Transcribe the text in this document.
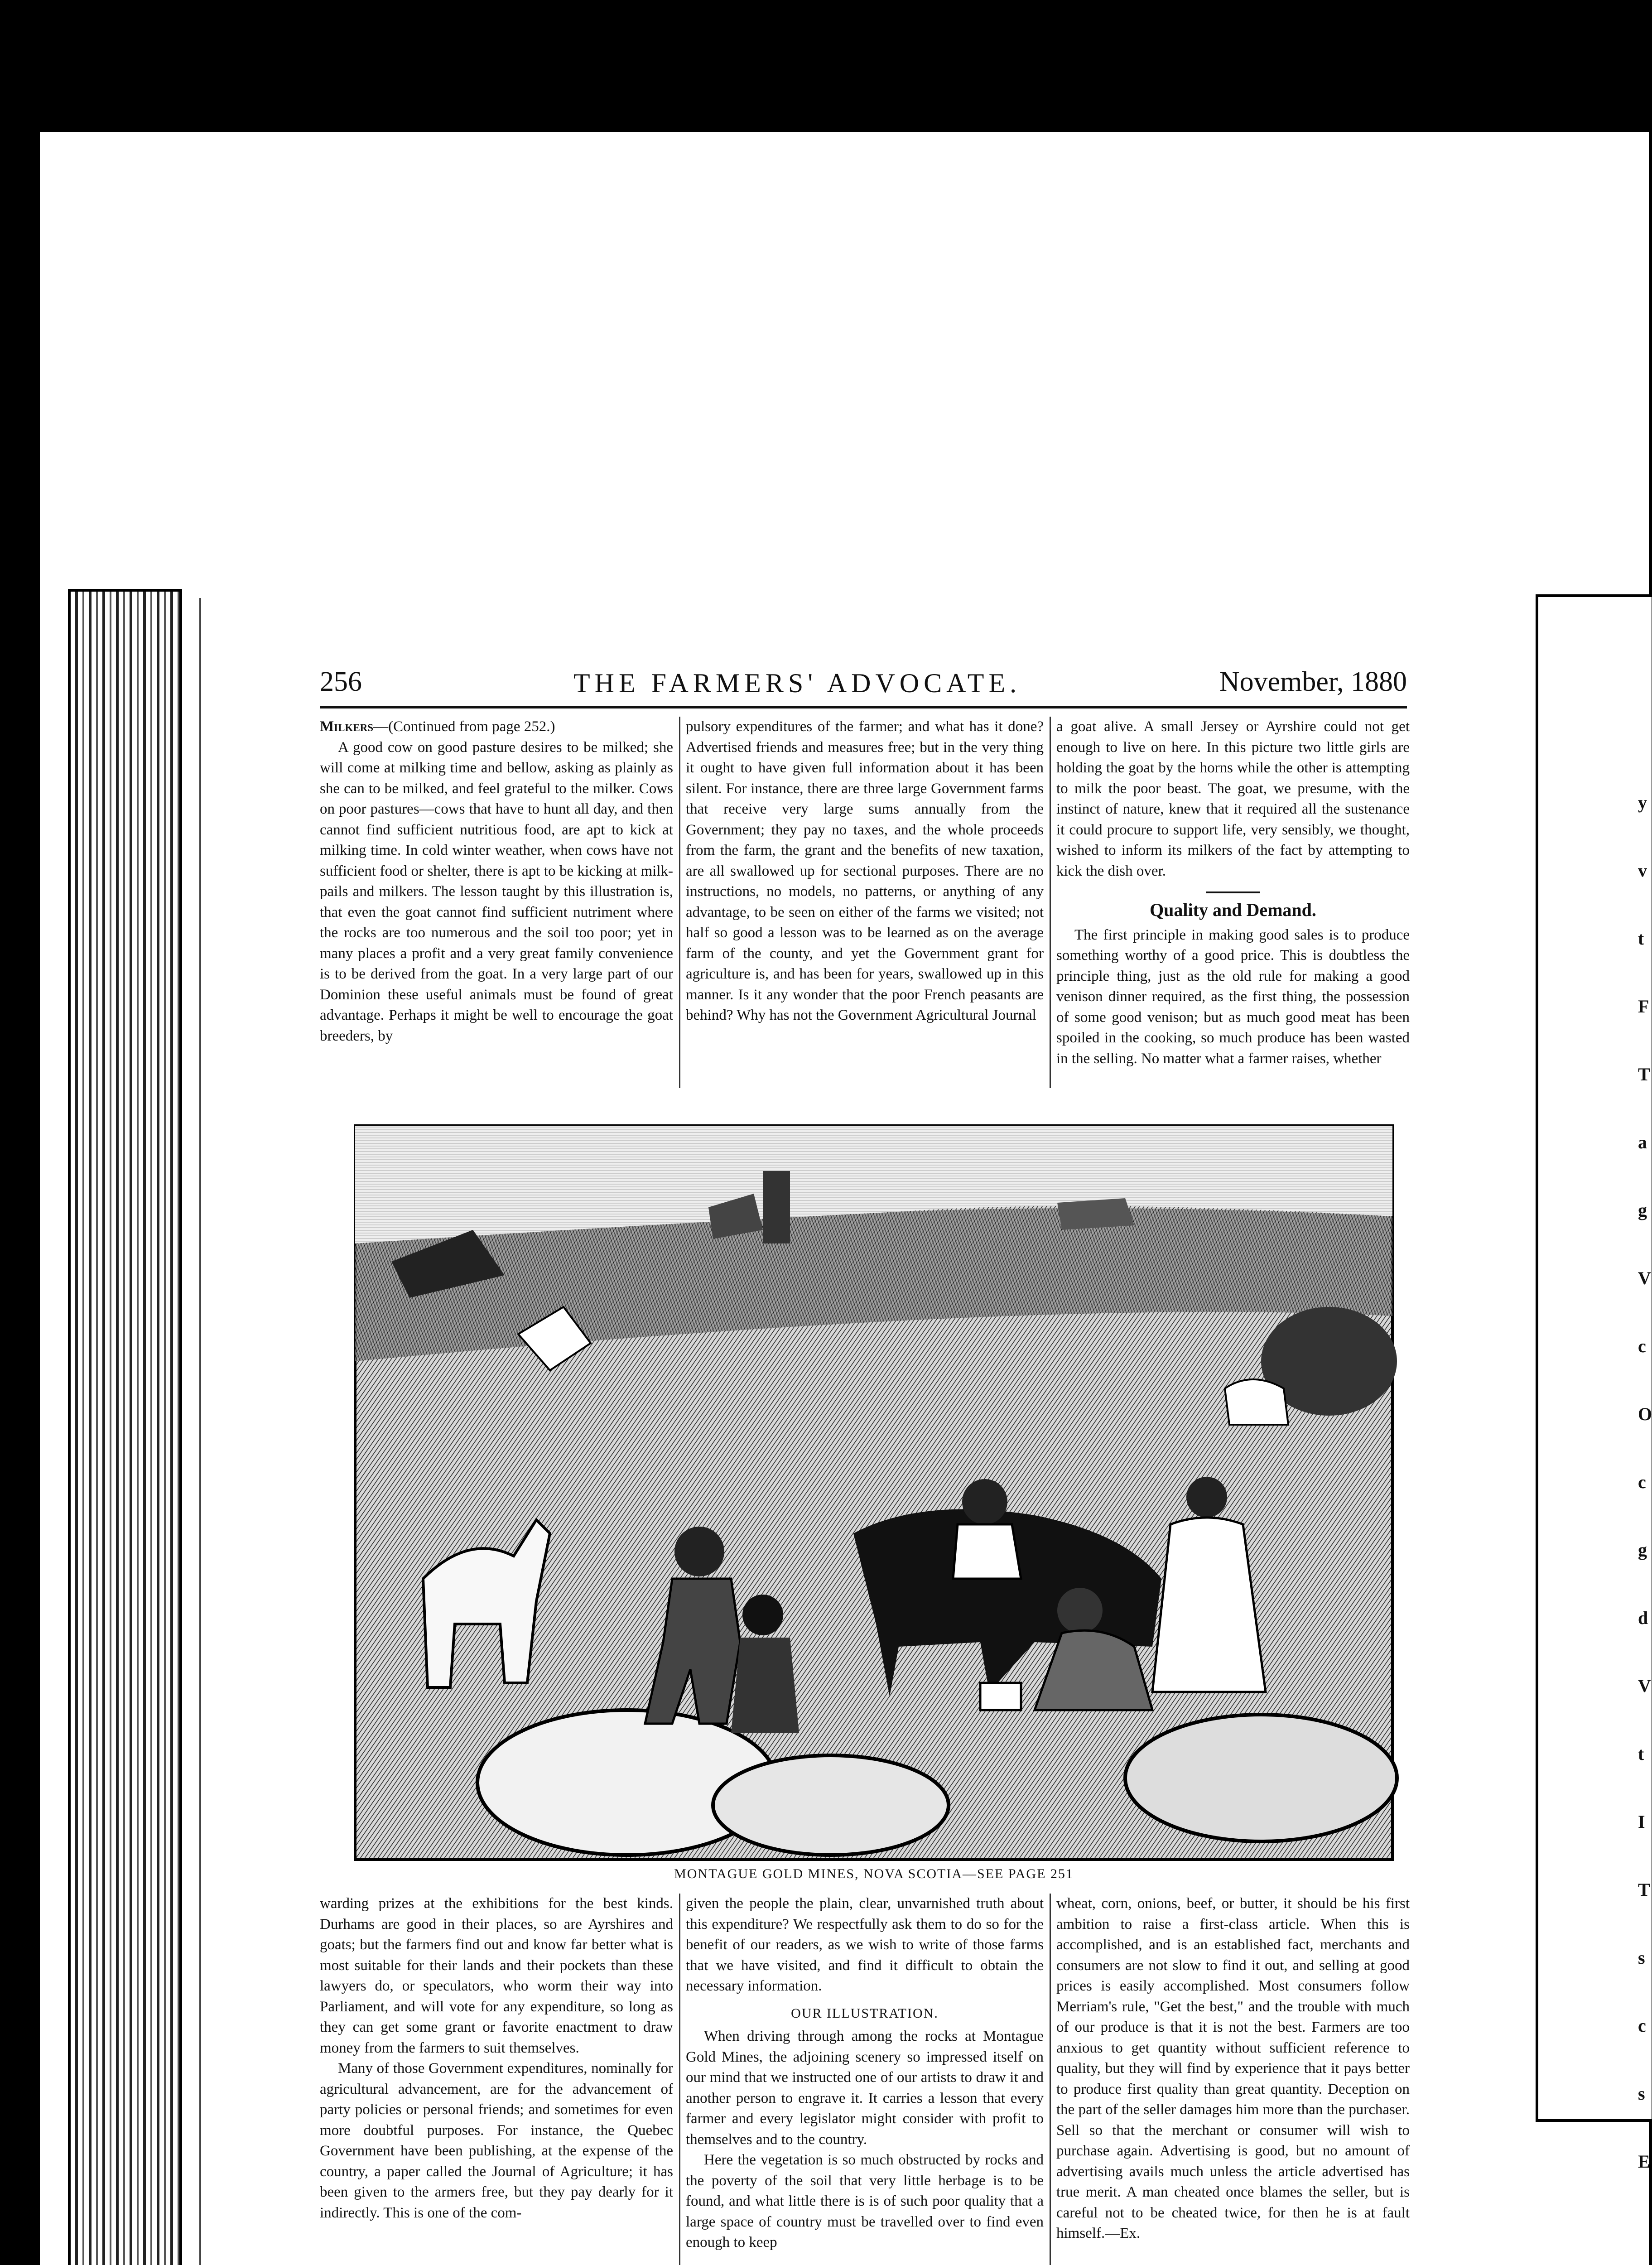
y
v
t
F
T
a
g
V
c
O
c
g
d
V
t
I
T
s
c
s
E
256	THE FARMERS' ADVOCATE.	November, 1880

Milkers—(Continued from page 252.)

A good cow on good pasture desires to be milked; she will come at milking time and bellow, asking as plainly as she can to be milked, and feel grateful to the milker. Cows on poor pastures—cows that have to hunt all day, and then cannot find sufficient nutritious food, are apt to kick at milking time. In cold winter weather, when cows have not sufficient food or shelter, there is apt to be kicking at milk-pails and milkers. The lesson taught by this illustration is, that even the goat cannot find sufficient nutriment where the rocks are too numerous and the soil too poor; yet in many places a profit and a very great family convenience is to be derived from the goat. In a very large part of our Dominion these useful animals must be found of great advantage. Perhaps it might be well to encourage the goat breeders, by

pulsory expenditures of the farmer; and what has it done? Advertised friends and measures free; but in the very thing it ought to have given full information about it has been silent. For instance, there are three large Government farms that receive very large sums annually from the Government; they pay no taxes, and the whole proceeds from the farm, the grant and the benefits of new taxation, are all swallowed up for sectional purposes. There are no instructions, no models, no patterns, or anything of any advantage, to be seen on either of the farms we visited; not half so good a lesson was to be learned as on the average farm of the county, and yet the Government grant for agriculture is, and has been for years, swallowed up in this manner. Is it any wonder that the poor French peasants are behind? Why has not the Government Agricultural Journal

a goat alive. A small Jersey or Ayrshire could not get enough to live on here. In this picture two little girls are holding the goat by the horns while the other is attempting to milk the poor beast. The goat, we presume, with the instinct of nature, knew that it required all the sustenance it could procure to support life, very sensibly, we thought, wished to inform its milkers of the fact by attempting to kick the dish over.

Quality and Demand.

The first principle in making good sales is to produce something worthy of a good price. This is doubtless the principle thing, just as the old rule for making a good venison dinner required, as the first thing, the possession of some good venison; but as much good meat has been spoiled in the cooking, so much produce has been wasted in the selling. No matter what a farmer raises, whether

MONTAGUE GOLD MINES, NOVA SCOTIA—SEE PAGE 251

warding prizes at the exhibitions for the best kinds. Durhams are good in their places, so are Ayrshires and goats; but the farmers find out and know far better what is most suitable for their lands and their pockets than these lawyers do, or speculators, who worm their way into Parliament, and will vote for any expenditure, so long as they can get some grant or favorite enactment to draw money from the farmers to suit themselves.

Many of those Government expenditures, nominally for agricultural advancement, are for the advancement of party policies or personal friends; and sometimes for even more doubtful purposes. For instance, the Quebec Government have been publishing, at the expense of the country, a paper called the Journal of Agriculture; it has been given to the armers free, but they pay dearly for it indirectly. This is one of the com-

given the people the plain, clear, unvarnished truth about this expenditure? We respectfully ask them to do so for the benefit of our readers, as we wish to write of those farms that we have visited, and find it difficult to obtain the necessary information.

OUR ILLUSTRATION.

When driving through among the rocks at Montague Gold Mines, the adjoining scenery so impressed itself on our mind that we instructed one of our artists to draw it and another person to engrave it. It carries a lesson that every farmer and every legislator might consider with profit to themselves and to the country.

Here the vegetation is so much obstructed by rocks and the poverty of the soil that very little herbage is to be found, and what little there is is of such poor quality that a large space of country must be travelled over to find even enough to keep

wheat, corn, onions, beef, or butter, it should be his first ambition to raise a first-class article. When this is accomplished, and is an established fact, merchants and consumers are not slow to find it out, and selling at good prices is easily accomplished. Most consumers follow Merriam's rule, "Get the best," and the trouble with much of our produce is that it is not the best. Farmers are too anxious to get quantity without sufficient reference to quality, but they will find by experience that it pays better to produce first quality than great quantity. Deception on the part of the seller damages him more than the purchaser. Sell so that the merchant or consumer will wish to purchase again. Advertising is good, but no amount of advertising avails much unless the article advertised has true merit. A man cheated once blames the seller, but is careful not to be cheated twice, for then he is at fault himself.—Ex.
